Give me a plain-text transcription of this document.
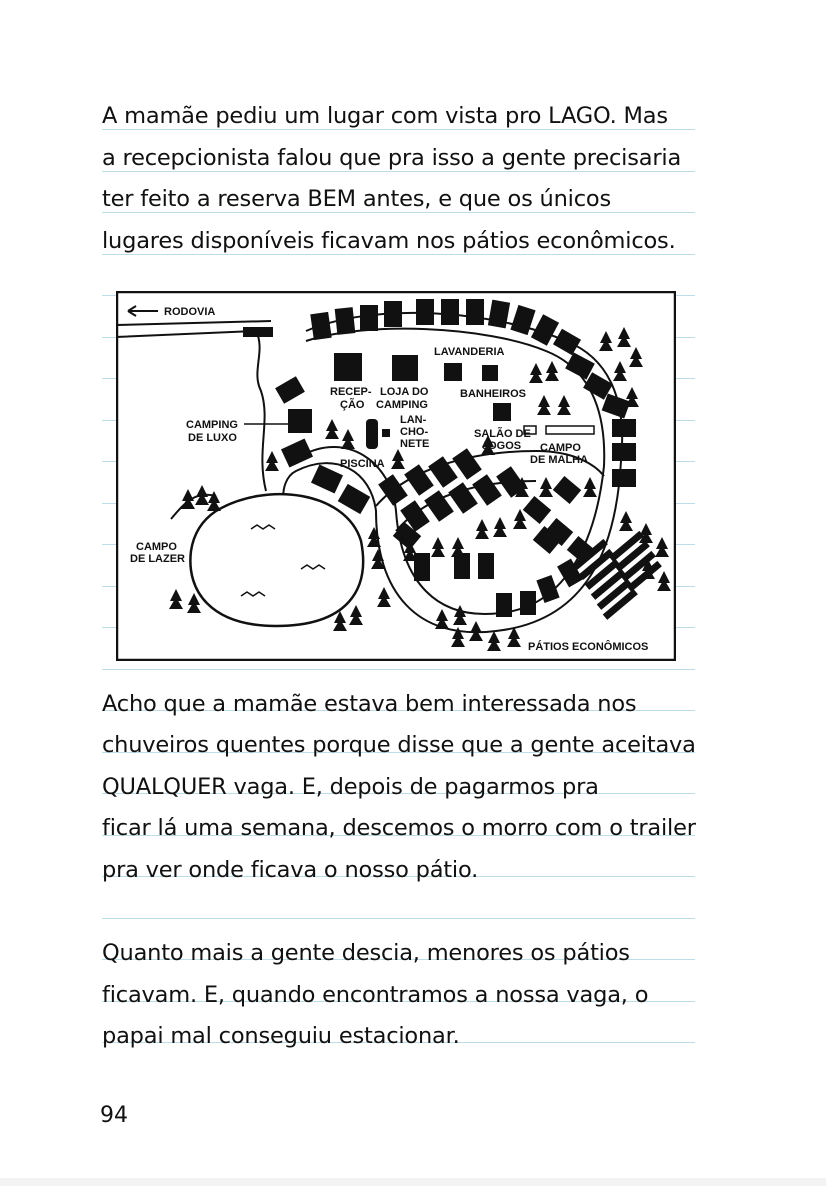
A mamãe pediu um lugar com vista pro LAGO. Mas
a recepcionista falou que pra isso a gente precisaria
ter feito a reserva BEM antes, e que os únicos
lugares disponíveis ficavam nos pátios econômicos.
RODOVIA
LAVANDERIA
RECEP-
ÇÃO
LOJA DO
CAMPING
BANHEIROS
CAMPING
DE LUXO
LAN-
CHO-
NETE
SALÃO DE
JOGOS CAMPO
DE MALHA
PISCINA
CAMPO
DE LAZER
PÁTIOS ECONÔMICOS
Acho que a mamãe estava bem interessada nos
chuveiros quentes porque disse que a gente aceitava
QUALQUER vaga. E, depois de pagarmos pra
ficar lá uma semana, descemos o morro com o trailer
pra ver onde ficava o nosso pátio.
Quanto mais a gente descia, menores os pátios
ficavam. E, quando encontramos a nossa vaga, o
papai mal conseguiu estacionar.
94
